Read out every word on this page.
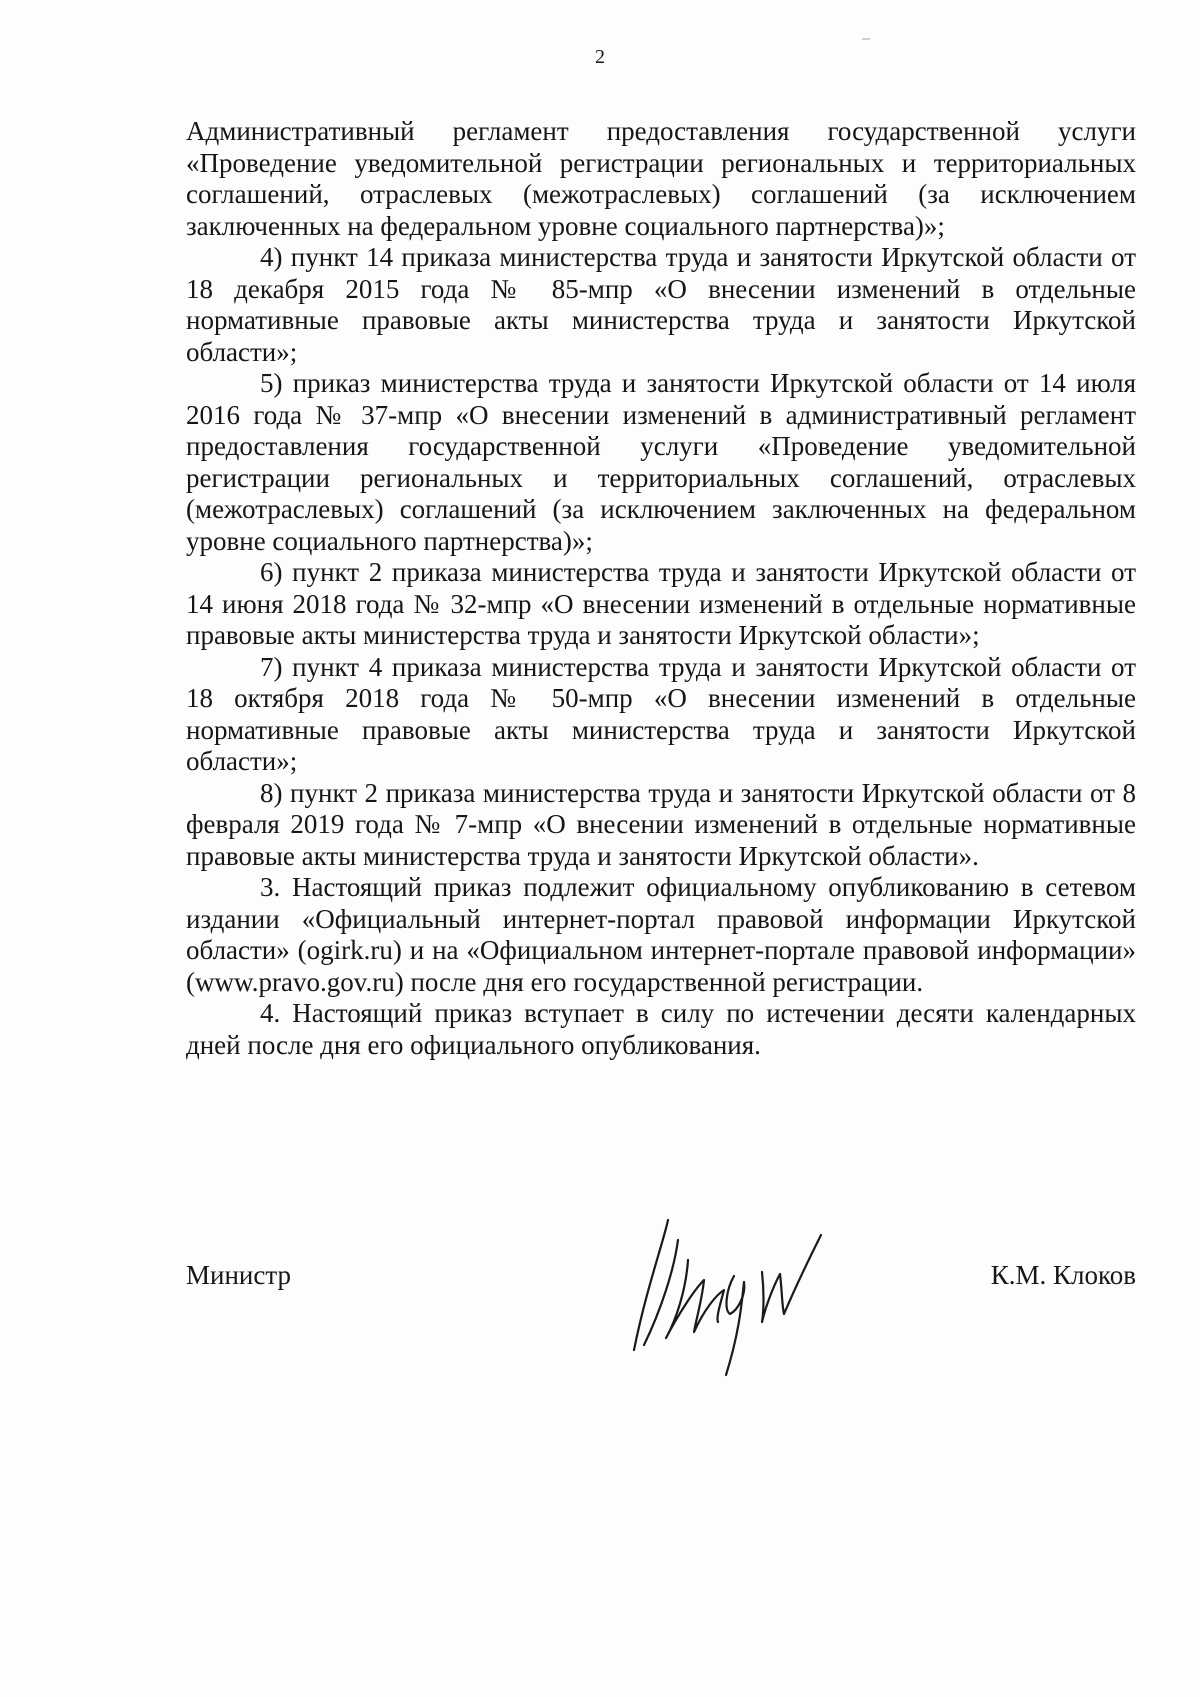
2

Административный регламент предоставления государственной услуги «Проведение уведомительной регистрации региональных и территориальных соглашений, отраслевых (межотраслевых) соглашений (за исключением заключенных на федеральном уровне социального партнерства)»;

4) пункт 14 приказа министерства труда и занятости Иркутской области от 18 декабря 2015 года № 85-мпр «О внесении изменений в отдельные нормативные правовые акты министерства труда и занятости Иркутской области»;

5) приказ министерства труда и занятости Иркутской области от 14 июля 2016 года № 37-мпр «О внесении изменений в административный регламент предоставления государственной услуги «Проведение уведомительной регистрации региональных и территориальных соглашений, отраслевых (межотраслевых) соглашений (за исключением заключенных на федеральном уровне социального партнерства)»;

6) пункт 2 приказа министерства труда и занятости Иркутской области от 14 июня 2018 года № 32-мпр «О внесении изменений в отдельные нормативные правовые акты министерства труда и занятости Иркутской области»;

7) пункт 4 приказа министерства труда и занятости Иркутской области от 18 октября 2018 года № 50-мпр «О внесении изменений в отдельные нормативные правовые акты министерства труда и занятости Иркутской области»;

8) пункт 2 приказа министерства труда и занятости Иркутской области от 8 февраля 2019 года № 7-мпр «О внесении изменений в отдельные нормативные правовые акты министерства труда и занятости Иркутской области».

3. Настоящий приказ подлежит официальному опубликованию в сетевом издании «Официальный интернет-портал правовой информации Иркутской области» (ogirk.ru) и на «Официальном интернет-портале правовой информации» (www.pravo.gov.ru) после дня его государственной регистрации.

4. Настоящий приказ вступает в силу по истечении десяти календарных дней после дня его официального опубликования.

Министр	К.М. Клоков
